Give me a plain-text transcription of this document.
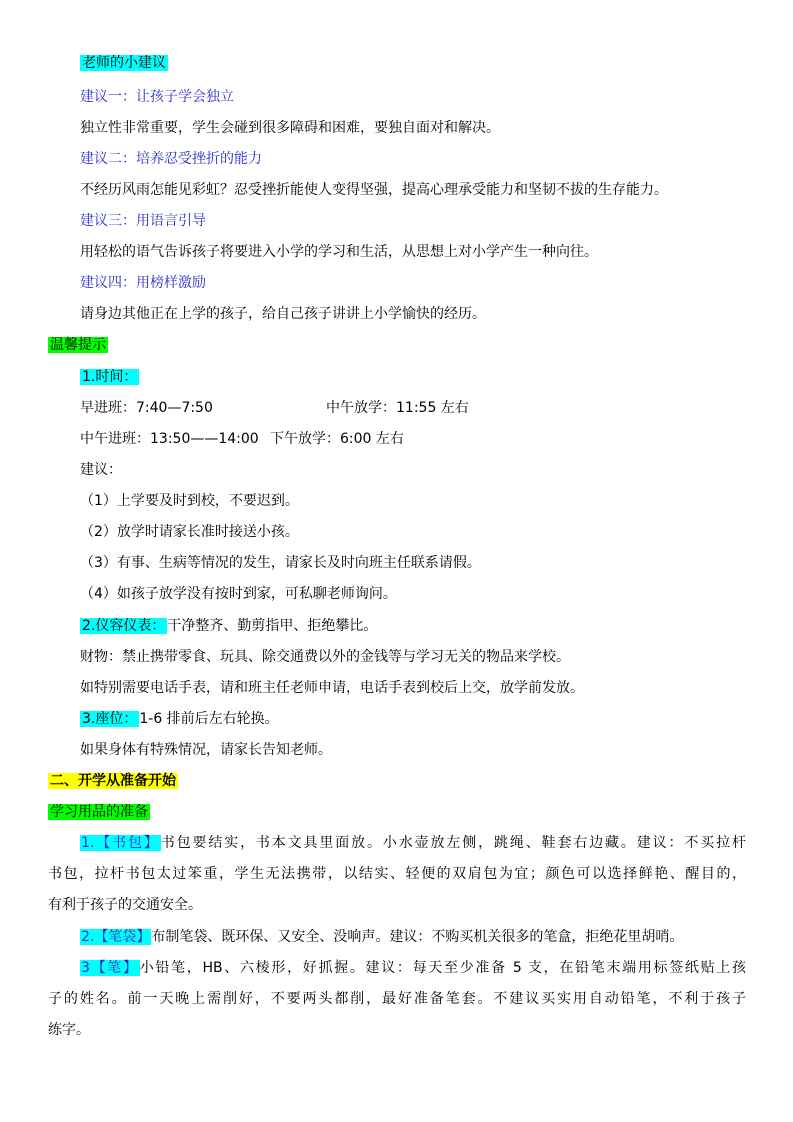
老师的小建议
建议一：让孩子学会独立
独立性非常重要，学生会碰到很多障碍和困难，要独自面对和解决。
建议二：培养忍受挫折的能力
不经历风雨怎能见彩虹？忍受挫折能使人变得坚强，提高心理承受能力和坚韧不拔的生存能力。
建议三：用语言引导
用轻松的语气告诉孩子将要进入小学的学习和生活，从思想上对小学产生一种向往。
建议四：用榜样激励
请身边其他正在上学的孩子，给自己孩子讲讲上小学愉快的经历。
温馨提示
1.时间：
早进班：7:40—7:50	中午放学：11:55 左右
中午进班：13:50——14:00 下午放学：6:00 左右
建议：
（1）上学要及时到校，不要迟到。
（2）放学时请家长准时接送小孩。
（3）有事、生病等情况的发生，请家长及时向班主任联系请假。
（4）如孩子放学没有按时到家，可私聊老师询问。
2.仪容仪表： 干净整齐、勤剪指甲、拒绝攀比。
财物：禁止携带零食、玩具、除交通费以外的金钱等与学习无关的物品来学校。
如特别需要电话手表，请和班主任老师申请，电话手表到校后上交，放学前发放。
3.座位： 1-6 排前后左右轮换。
如果身体有特殊情况，请家长告知老师。
二、开学从准备开始
学习用品的准备
1.【书包】书包要结实，书本文具里面放。小水壶放左侧，跳绳、鞋套右边藏。建议：不买拉杆
书包，拉杆书包太过笨重，学生无法携带，以结实、轻便的双肩包为宜；颜色可以选择鲜艳、醒目的，
有利于孩子的交通安全。
2.【笔袋】布制笔袋、既环保、又安全、没响声。建议：不购买机关很多的笔盒，拒绝花里胡哨。
3【笔】小铅笔，HB、六棱形，好抓握。建议：每天至少准备 5 支，在铅笔末端用标签纸贴上孩
子的姓名。前一天晚上需削好，不要两头都削，最好准备笔套。不建议买实用自动铅笔，不利于孩子
练字。
